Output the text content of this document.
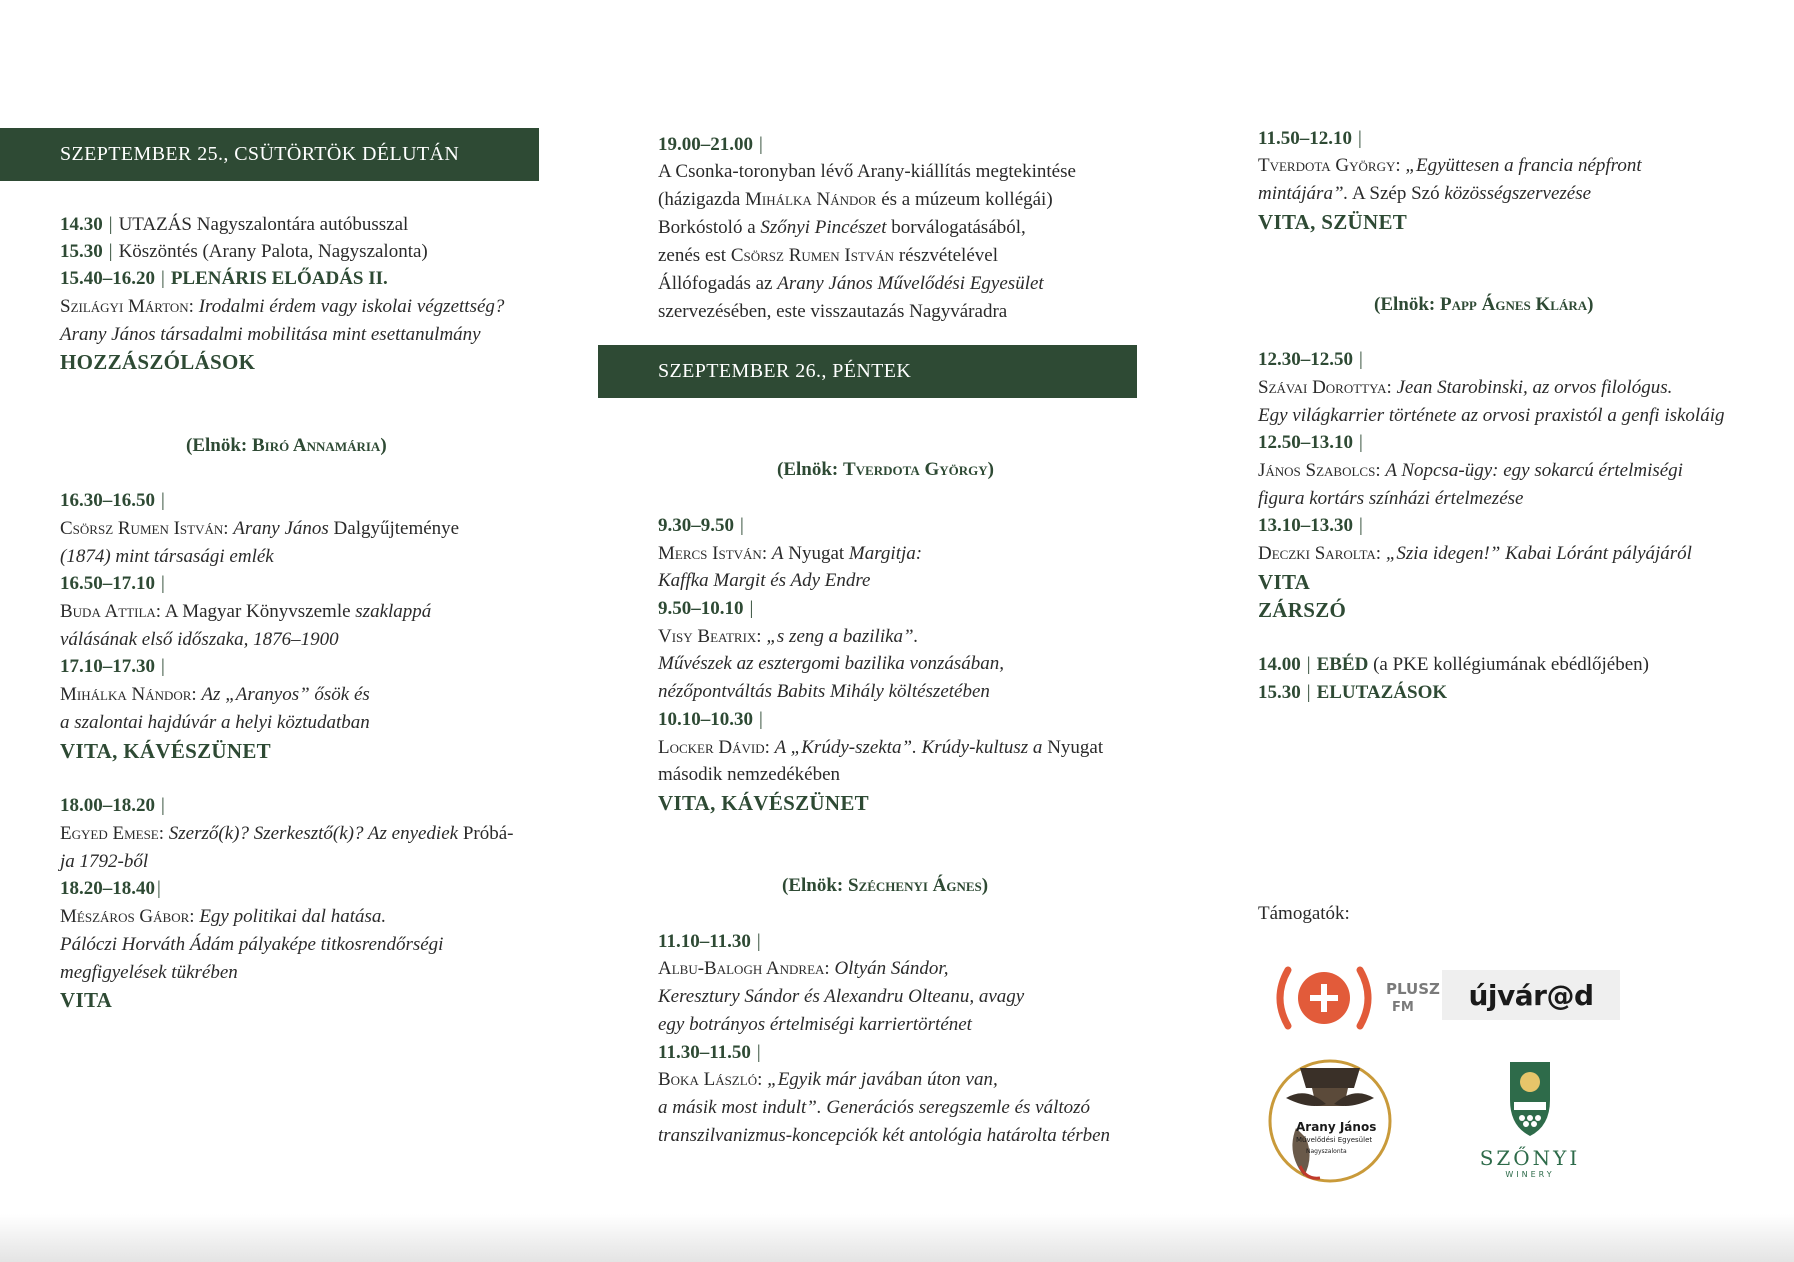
SZEPTEMBER 25., CSÜTÖRTÖK DÉLUTÁN
14.30 | UTAZÁS Nagyszalontára autóbusszal
15.30 | Köszöntés (Arany Palota, Nagyszalonta)
15.40–16.20 | PLENÁRIS ELŐADÁS II.
Szilágyi Márton: Irodalmi érdem vagy iskolai végzettség?
Arany János társadalmi mobilitása mint esettanulmány
HOZZÁSZÓLÁSOK
(Elnök: Biró Annamária)
16.30–16.50 |
Csörsz Rumen István: Arany János Dalgyűjteménye
(1874) mint társasági emlék
16.50–17.10 |
Buda Attila: A Magyar Könyvszemle szaklappá
válásának első időszaka, 1876–1900
17.10–17.30 |
Mihálka Nándor: Az „Aranyos” ősök és
a szalontai hajdúvár a helyi köztudatban
VITA, KÁVÉSZÜNET
18.00–18.20 |
Egyed Emese: Szerző(k)? Szerkesztő(k)? Az enyediek Próbá-
ja 1792-ből
18.20–18.40 |
Mészáros Gábor: Egy politikai dal hatása.
Pálóczi Horváth Ádám pályaképe titkosrendőrségi
megfigyelések tükrében
VITA
19.00–21.00 |
A Csonka-toronyban lévő Arany-kiállítás megtekintése
(házigazda Mihálka Nándor és a múzeum kollégái)
Borkóstoló a Szőnyi Pincészet borválogatásából,
zenés est Csörsz Rumen István részvételével
Állófogadás az Arany János Művelődési Egyesület
szervezésében, este visszautazás Nagyváradra
SZEPTEMBER 26., PÉNTEK
(Elnök: Tverdota György)
9.30–9.50 |
Mercs István: A Nyugat Margitja:
Kaffka Margit és Ady Endre
9.50–10.10 |
Visy Beatrix: „s zeng a bazilika”.
Művészek az esztergomi bazilika vonzásában,
nézőpontváltás Babits Mihály költészetében
10.10–10.30 |
Locker Dávid: A „Krúdy-szekta”. Krúdy-kultusz a Nyugat
második nemzedékében
VITA, KÁVÉSZÜNET
(Elnök: Széchenyi Ágnes)
11.10–11.30 |
Albu-Balogh Andrea: Oltyán Sándor,
Keresztury Sándor és Alexandru Olteanu, avagy
egy botrányos értelmiségi karriertörténet
11.30–11.50 |
Boka László: „Egyik már javában úton van,
a másik most indult”. Generációs seregszemle és változó
transzilvanizmus-koncepciók két antológia határolta térben
11.50–12.10 |
Tverdota György: „Együttesen a francia népfront
mintájára”. A Szép Szó közösségszervezése
VITA, SZÜNET
(Elnök: Papp Ágnes Klára)
12.30–12.50 |
Szávai Dorottya: Jean Starobinski, az orvos filológus.
Egy világkarrier története az orvosi praxistól a genfi iskoláig
12.50–13.10 |
János Szabolcs: A Nopcsa-ügy: egy sokarcú értelmiségi
figura kortárs színházi értelmezése
13.10–13.30 |
Deczki Sarolta: „Szia idegen!” Kabai Lóránt pályájáról
VITA
ZÁRSZÓ
14.00 | EBÉD (a PKE kollégiumának ebédlőjében)
15.30 | ELUTAZÁSOK
Támogatók:
PLUSZ
FM újvár@d
Arany János
Művelődési Egyesület
Nagyszalonta	SZŐNYI
WINERY
